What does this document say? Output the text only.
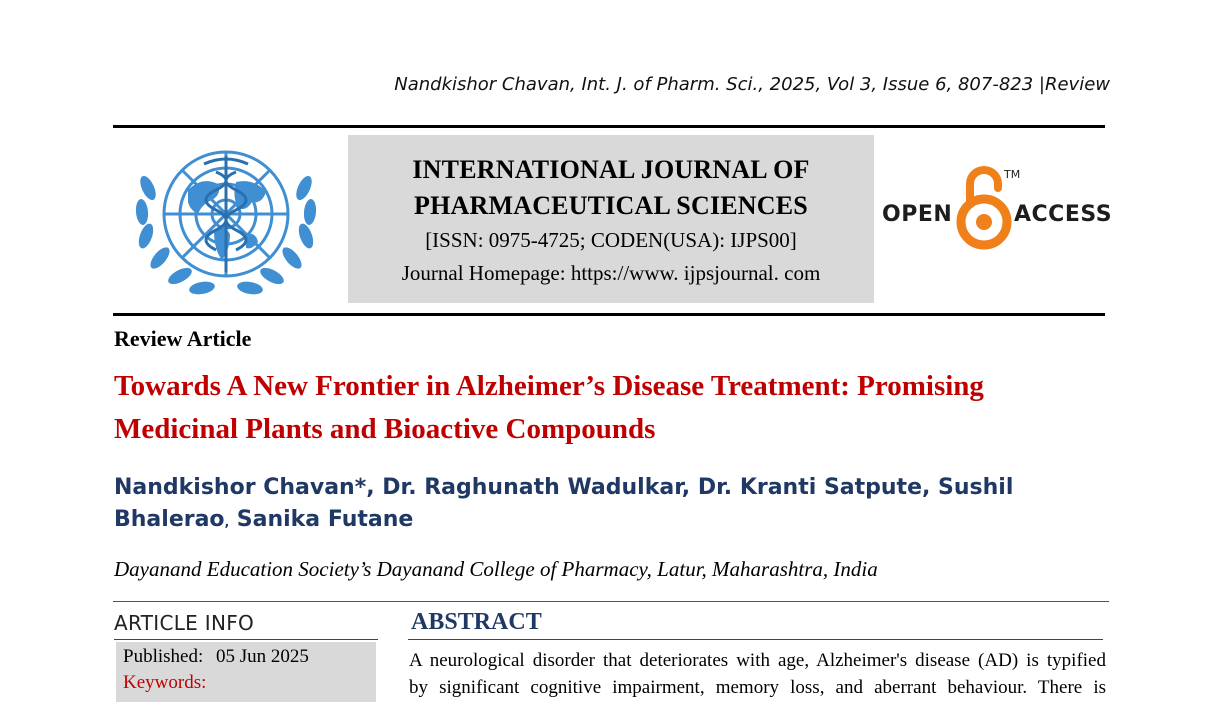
Nandkishor Chavan, Int. J. of Pharm. Sci., 2025, Vol 3, Issue 6, 807-823 |Review
INTERNATIONAL JOURNAL OF
PHARMACEUTICAL SCIENCES
[ISSN: 0975-4725; CODEN(USA): IJPS00]
Journal Homepage: https://www. ijpsjournal. com
OPEN
TM
ACCESS
Review Article
Towards A New Frontier in Alzheimer’s Disease Treatment: Promising Medicinal Plants and Bioactive Compounds
Nandkishor Chavan*, Dr. Raghunath Wadulkar, Dr. Kranti Satpute, Sushil Bhalerao, Sanika Futane
Dayanand Education Society’s Dayanand College of Pharmacy, Latur, Maharashtra, India
ARTICLE INFO
Published: 05 Jun 2025
Keywords:
ABSTRACT
A neurological disorder that deteriorates with age, Alzheimer's disease (AD) is typified
by significant cognitive impairment, memory loss, and aberrant behaviour. There is
